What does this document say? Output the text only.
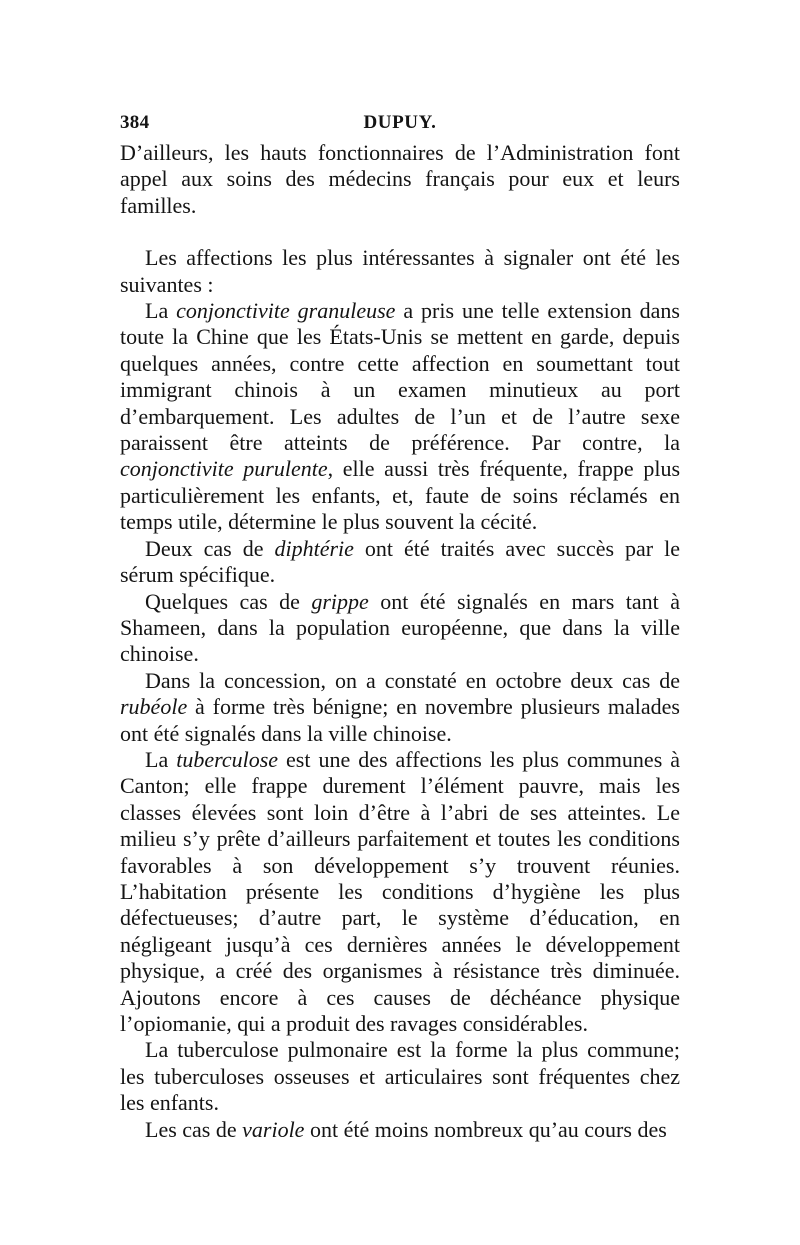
384	DUPUY.

D’ailleurs, les hauts fonctionnaires de l’Administration font appel aux soins des médecins français pour eux et leurs familles.

Les affections les plus intéressantes à signaler ont été les suivantes :

La conjonctivite granuleuse a pris une telle extension dans toute la Chine que les États-Unis se mettent en garde, depuis quelques années, contre cette affection en soumettant tout immigrant chinois à un examen minutieux au port d’embarquement. Les adultes de l’un et de l’autre sexe paraissent être atteints de préférence. Par contre, la conjonctivite purulente, elle aussi très fréquente, frappe plus particulièrement les enfants, et, faute de soins réclamés en temps utile, détermine le plus souvent la cécité.

Deux cas de diphtérie ont été traités avec succès par le sérum spécifique.

Quelques cas de grippe ont été signalés en mars tant à Shameen, dans la population européenne, que dans la ville chinoise.

Dans la concession, on a constaté en octobre deux cas de rubéole à forme très bénigne; en novembre plusieurs malades ont été signalés dans la ville chinoise.

La tuberculose est une des affections les plus communes à Canton; elle frappe durement l’élément pauvre, mais les classes élevées sont loin d’être à l’abri de ses atteintes. Le milieu s’y prête d’ailleurs parfaitement et toutes les conditions favorables à son développement s’y trouvent réunies. L’habitation présente les conditions d’hygiène les plus défectueuses; d’autre part, le système d’éducation, en négligeant jusqu’à ces dernières années le développement physique, a créé des organismes à résistance très diminuée. Ajoutons encore à ces causes de déchéance physique l’opiomanie, qui a produit des ravages considérables.

La tuberculose pulmonaire est la forme la plus commune; les tuberculoses osseuses et articulaires sont fréquentes chez les enfants.

Les cas de variole ont été moins nombreux qu’au cours des
